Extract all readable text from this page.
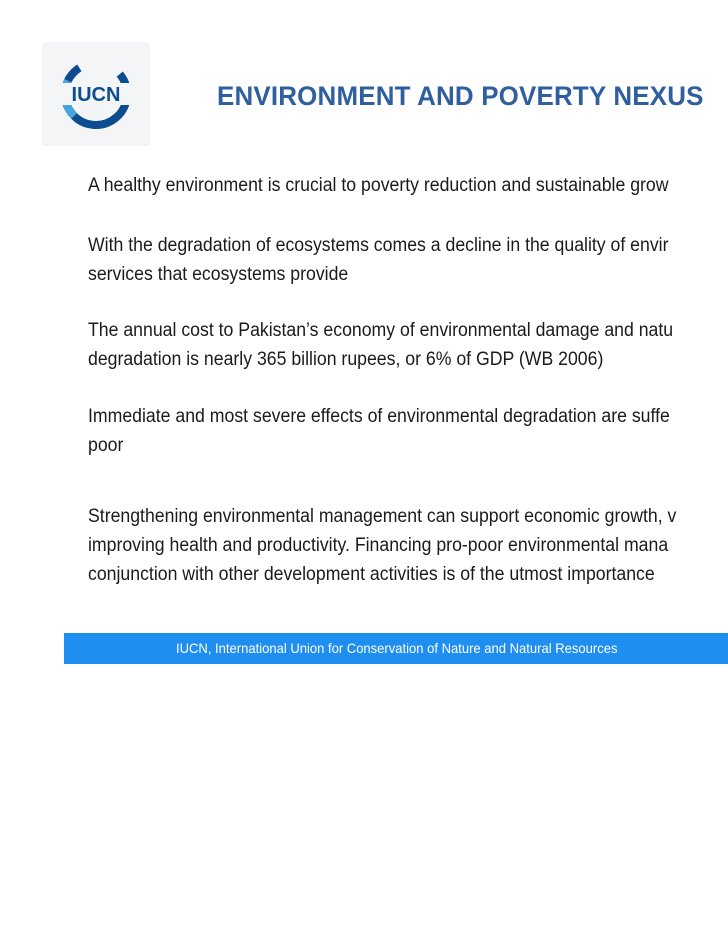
IUCN	ENVIRONMENT AND POVERTY NEXUS
A healthy environment is crucial to poverty reduction and sustainable grow
With the degradation of ecosystems comes a decline in the quality of envir
services that ecosystems provide
The annual cost to Pakistan’s economy of environmental damage and natu
degradation is nearly 365 billion rupees, or 6% of GDP (WB 2006)
Immediate and most severe effects of environmental degradation are suffe
poor
Strengthening environmental management can support economic growth, v
improving health and productivity. Financing pro-poor environmental mana
conjunction with other development activities is of the utmost importance
IUCN, International Union for Conservation of Nature and Natural Resources
